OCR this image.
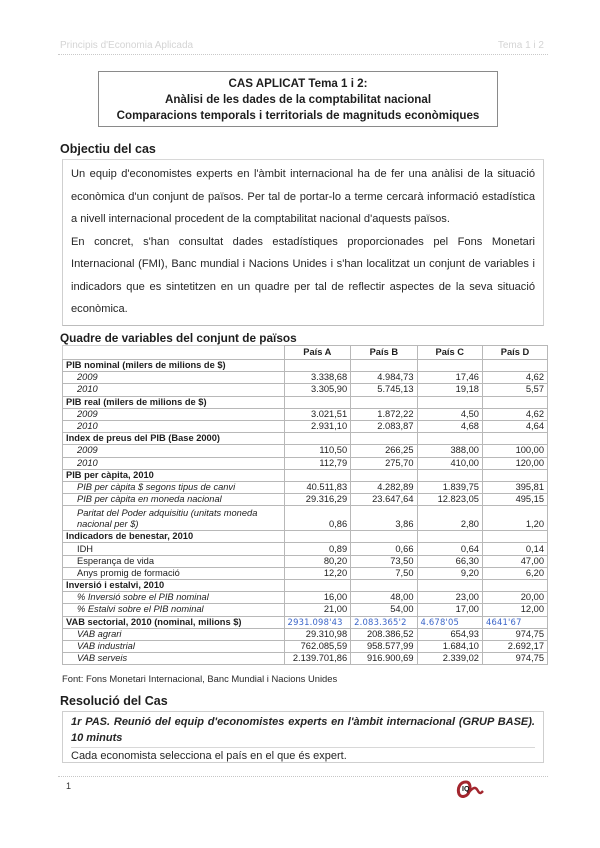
Principis d'Economia Aplicada	Tema 1 i 2
CAS APLICAT Tema 1 i 2:
Anàlisi de les dades de la comptabilitat nacional
Comparacions temporals i territorials de magnituds econòmiques
Objectiu del cas

Un equip d'economistes experts en l'àmbit internacional ha de fer una anàlisi de la situació econòmica d'un conjunt de països. Per tal de portar-lo a terme cercarà informació estadística a nivell internacional procedent de la comptabilitat nacional d'aquests països.

En concret, s'han consultat dades estadístiques proporcionades pel Fons Monetari Internacional (FMI), Banc mundial i Nacions Unides i s'han localitzat un conjunt de variables i indicadors que es sintetitzen en un quadre per tal de reflectir aspectes de la seva situació econòmica.

Quadre de variables del conjunt de països
	País A	País B	País C	País D
PIB nominal (milers de milions de $)				
2009	3.338,68	4.984,73	17,46	4,62
2010	3.305,90	5.745,13	19,18	5,57
PIB real (milers de milions de $)				
2009	3.021,51	1.872,22	4,50	4,62
2010	2.931,10	2.083,87	4,68	4,64
Index de preus del PIB (Base 2000)				
2009	110,50	266,25	388,00	100,00
2010	112,79	275,70	410,00	120,00
PIB per càpita, 2010				
PIB per càpita $ segons tipus de canvi	40.511,83	4.282,89	1.839,75	395,81
PIB per càpita en moneda nacional	29.316,29	23.647,64	12.823,05	495,15
Paritat del Poder adquisitiu (unitats moneda nacional per $)	0,86	3,86	2,80	1,20
Indicadors de benestar, 2010				
IDH	0,89	0,66	0,64	0,14
Esperança de vida	80,20	73,50	66,30	47,00
Anys promig de formació	12,20	7,50	9,20	6,20
Inversió i estalvi, 2010				
% Inversió sobre el PIB nominal	16,00	48,00	23,00	20,00
% Estalvi sobre el PIB nominal	21,00	54,00	17,00	12,00
VAB sectorial, 2010 (nominal, milions $)	2931.098'43	2.083.365'2	4.678'05	4641'67
VAB agrari	29.310,98	208.386,52	654,93	974,75
VAB industrial	762.085,59	958.577,99	1.684,10	2.692,17
VAB serveis	2.139.701,86	916.900,69	2.339,02	974,75
Font: Fons Monetari Internacional, Banc Mundial i Nacions Unides
Resolució del Cas
1r PAS. Reunió del equip d'economistes experts en l'àmbit internacional (GRUP BASE). 10 minuts
Cada economista selecciona el país en el que és expert.
1	IQ
